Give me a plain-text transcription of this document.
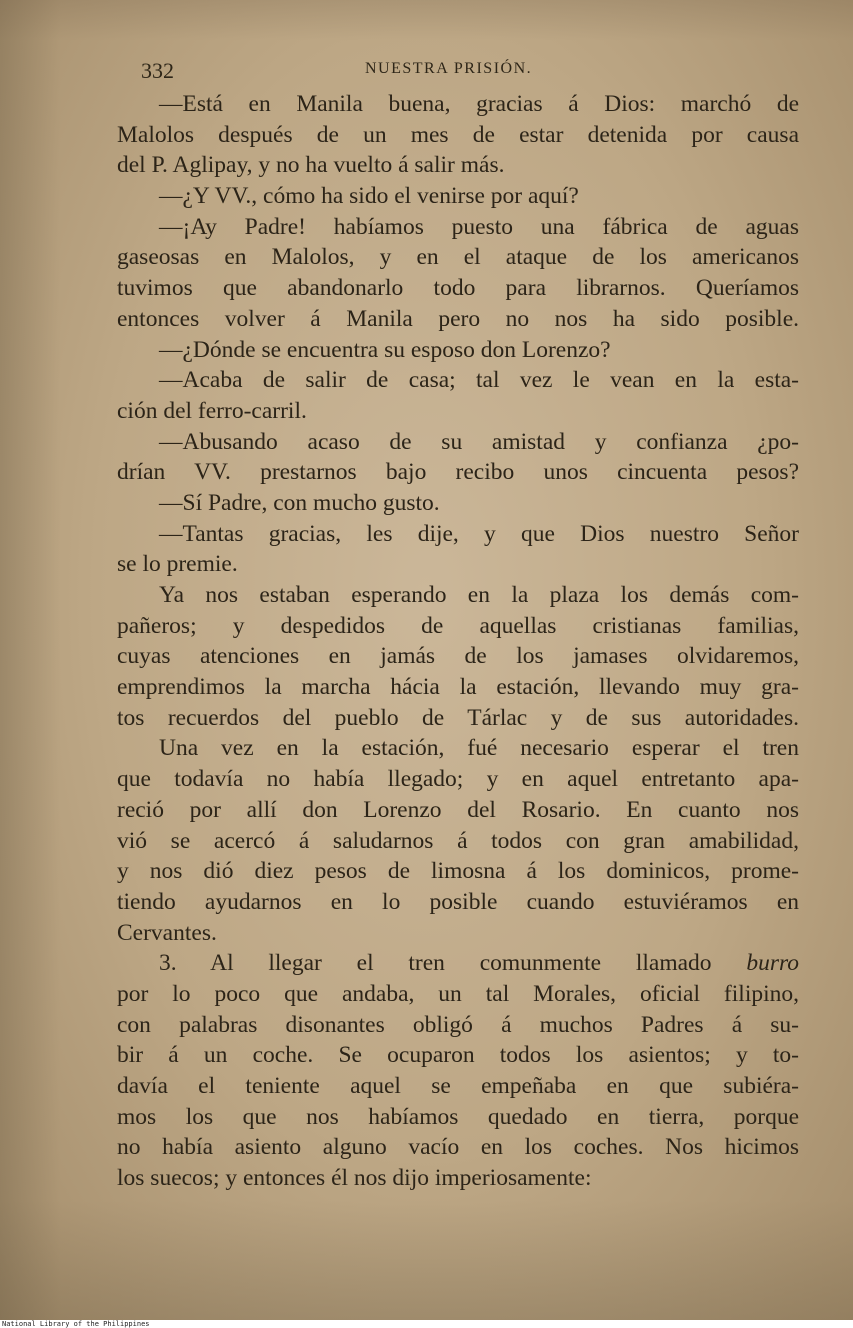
332	NUESTRA PRISIÓN.
—Está en Manila buena, gracias á Dios: marchó de
Malolos después de un mes de estar detenida por causa
del P. Aglipay, y no ha vuelto á salir más.
—¿Y VV., cómo ha sido el venirse por aquí?
—¡Ay Padre! habíamos puesto una fábrica de aguas
gaseosas en Malolos, y en el ataque de los americanos
tuvimos que abandonarlo todo para librarnos. Queríamos
entonces volver á Manila pero no nos ha sido posible.
—¿Dónde se encuentra su esposo don Lorenzo?
—Acaba de salir de casa; tal vez le vean en la esta-
ción del ferro-carril.
—Abusando acaso de su amistad y confianza ¿po-
drían VV. prestarnos bajo recibo unos cincuenta pesos?
—Sí Padre, con mucho gusto.
—Tantas gracias, les dije, y que Dios nuestro Señor
se lo premie.
Ya nos estaban esperando en la plaza los demás com-
pañeros; y despedidos de aquellas cristianas familias,
cuyas atenciones en jamás de los jamases olvidaremos,
emprendimos la marcha hácia la estación, llevando muy gra-
tos recuerdos del pueblo de Tárlac y de sus autoridades.
Una vez en la estación, fué necesario esperar el tren
que todavía no había llegado; y en aquel entretanto apa-
reció por allí don Lorenzo del Rosario. En cuanto nos
vió se acercó á saludarnos á todos con gran amabilidad,
y nos dió diez pesos de limosna á los dominicos, prome-
tiendo ayudarnos en lo posible cuando estuviéramos en
Cervantes.
3. Al llegar el tren comunmente llamado burro
por lo poco que andaba, un tal Morales, oficial filipino,
con palabras disonantes obligó á muchos Padres á su-
bir á un coche. Se ocuparon todos los asientos; y to-
davía el teniente aquel se empeñaba en que subiéra-
mos los que nos habíamos quedado en tierra, porque
no había asiento alguno vacío en los coches. Nos hicimos
los suecos; y entonces él nos dijo imperiosamente:
National Library of the Philippines
